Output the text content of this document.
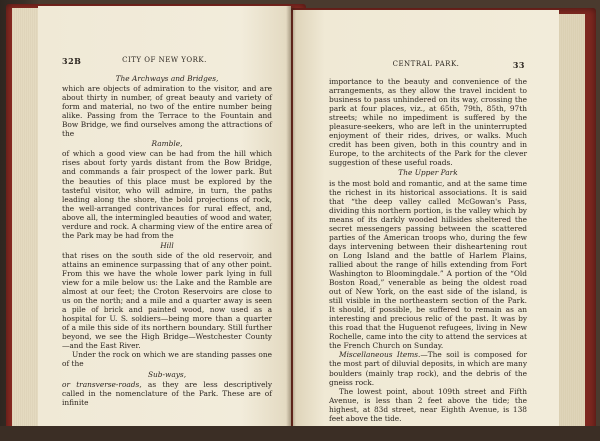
32B	CITY OF NEW YORK.
The Archways and Bridges,

which are objects of admiration to the visitor, and are about thirty in number, of great beauty and variety of form and material, no two of the entire number being alike. Passing from the Terrace to the Fountain and Bow Bridge, we find ourselves among the attractions of the

Ramble,

of which a good view can be had from the hill which rises about forty yards distant from the Bow Bridge, and commands a fair prospect of the lower park. But the beauties of this place must be explored by the tasteful visitor, who will admire, in turn, the paths leading along the shore, the bold projections of rock, the well-arranged contrivances for rural effect, and, above all, the intermingled beauties of wood and water, verdure and rock. A charming view of the entire area of the Park may be had from the

Hill

that rises on the south side of the old reservoir, and attains an eminence surpassing that of any other point. From this we have the whole lower park lying in full view for a mile below us: the Lake and the Ramble are almost at our feet; the Croton Reservoirs are close to us on the north; and a mile and a quarter away is seen a pile of brick and painted wood, now used as a hospital for U. S. soldiers—being more than a quarter of a mile this side of its northern boundary. Still further beyond, we see the High Bridge—Westchester County—and the East River.

Under the rock on which we are standing passes one of the

Sub-ways,

or transverse-roads, as they are less descriptively called in the nomenclature of the Park. These are of infinite

CENTRAL PARK.	33

importance to the beauty and convenience of the arrangements, as they allow the travel incident to business to pass unhindered on its way, crossing the park at four places, viz., at 65th, 79th, 85th, 97th streets; while no impediment is suffered by the pleasure-seekers, who are left in the uninterrupted enjoyment of their rides, drives, or walks. Much credit has been given, both in this country and in Europe, to the architects of the Park for the clever suggestion of these useful roads.

The Upper Park

is the most bold and romantic, and at the same time the richest in its historical associations. It is said that “the deep valley called McGowan's Pass, dividing this northern portion, is the valley which by means of its darkly wooded hillsides sheltered the secret messengers passing between the scattered parties of the American troops who, during the few days intervening between their disheartening rout on Long Island and the battle of Harlem Plains, rallied about the range of hills extending from Fort Washington to Bloomingdale.” A portion of the “Old Boston Road,” venerable as being the oldest road out of New York, on the east side of the island, is still visible in the northeastern section of the Park. It should, if possible, be suffered to remain as an interesting and precious relic of the past. It was by this road that the Huguenot refugees, living in New Rochelle, came into the city to attend the services at the French Church on Sunday.

Miscellaneous Items.—The soil is composed for the most part of diluvial deposits, in which are many boulders (mainly trap rock), and the debris of the gneiss rock.

The lowest point, about 109th street and Fifth Avenue, is less than 2 feet above the tide; the highest, at 83d street, near Eighth Avenue, is 138 feet above the tide.
